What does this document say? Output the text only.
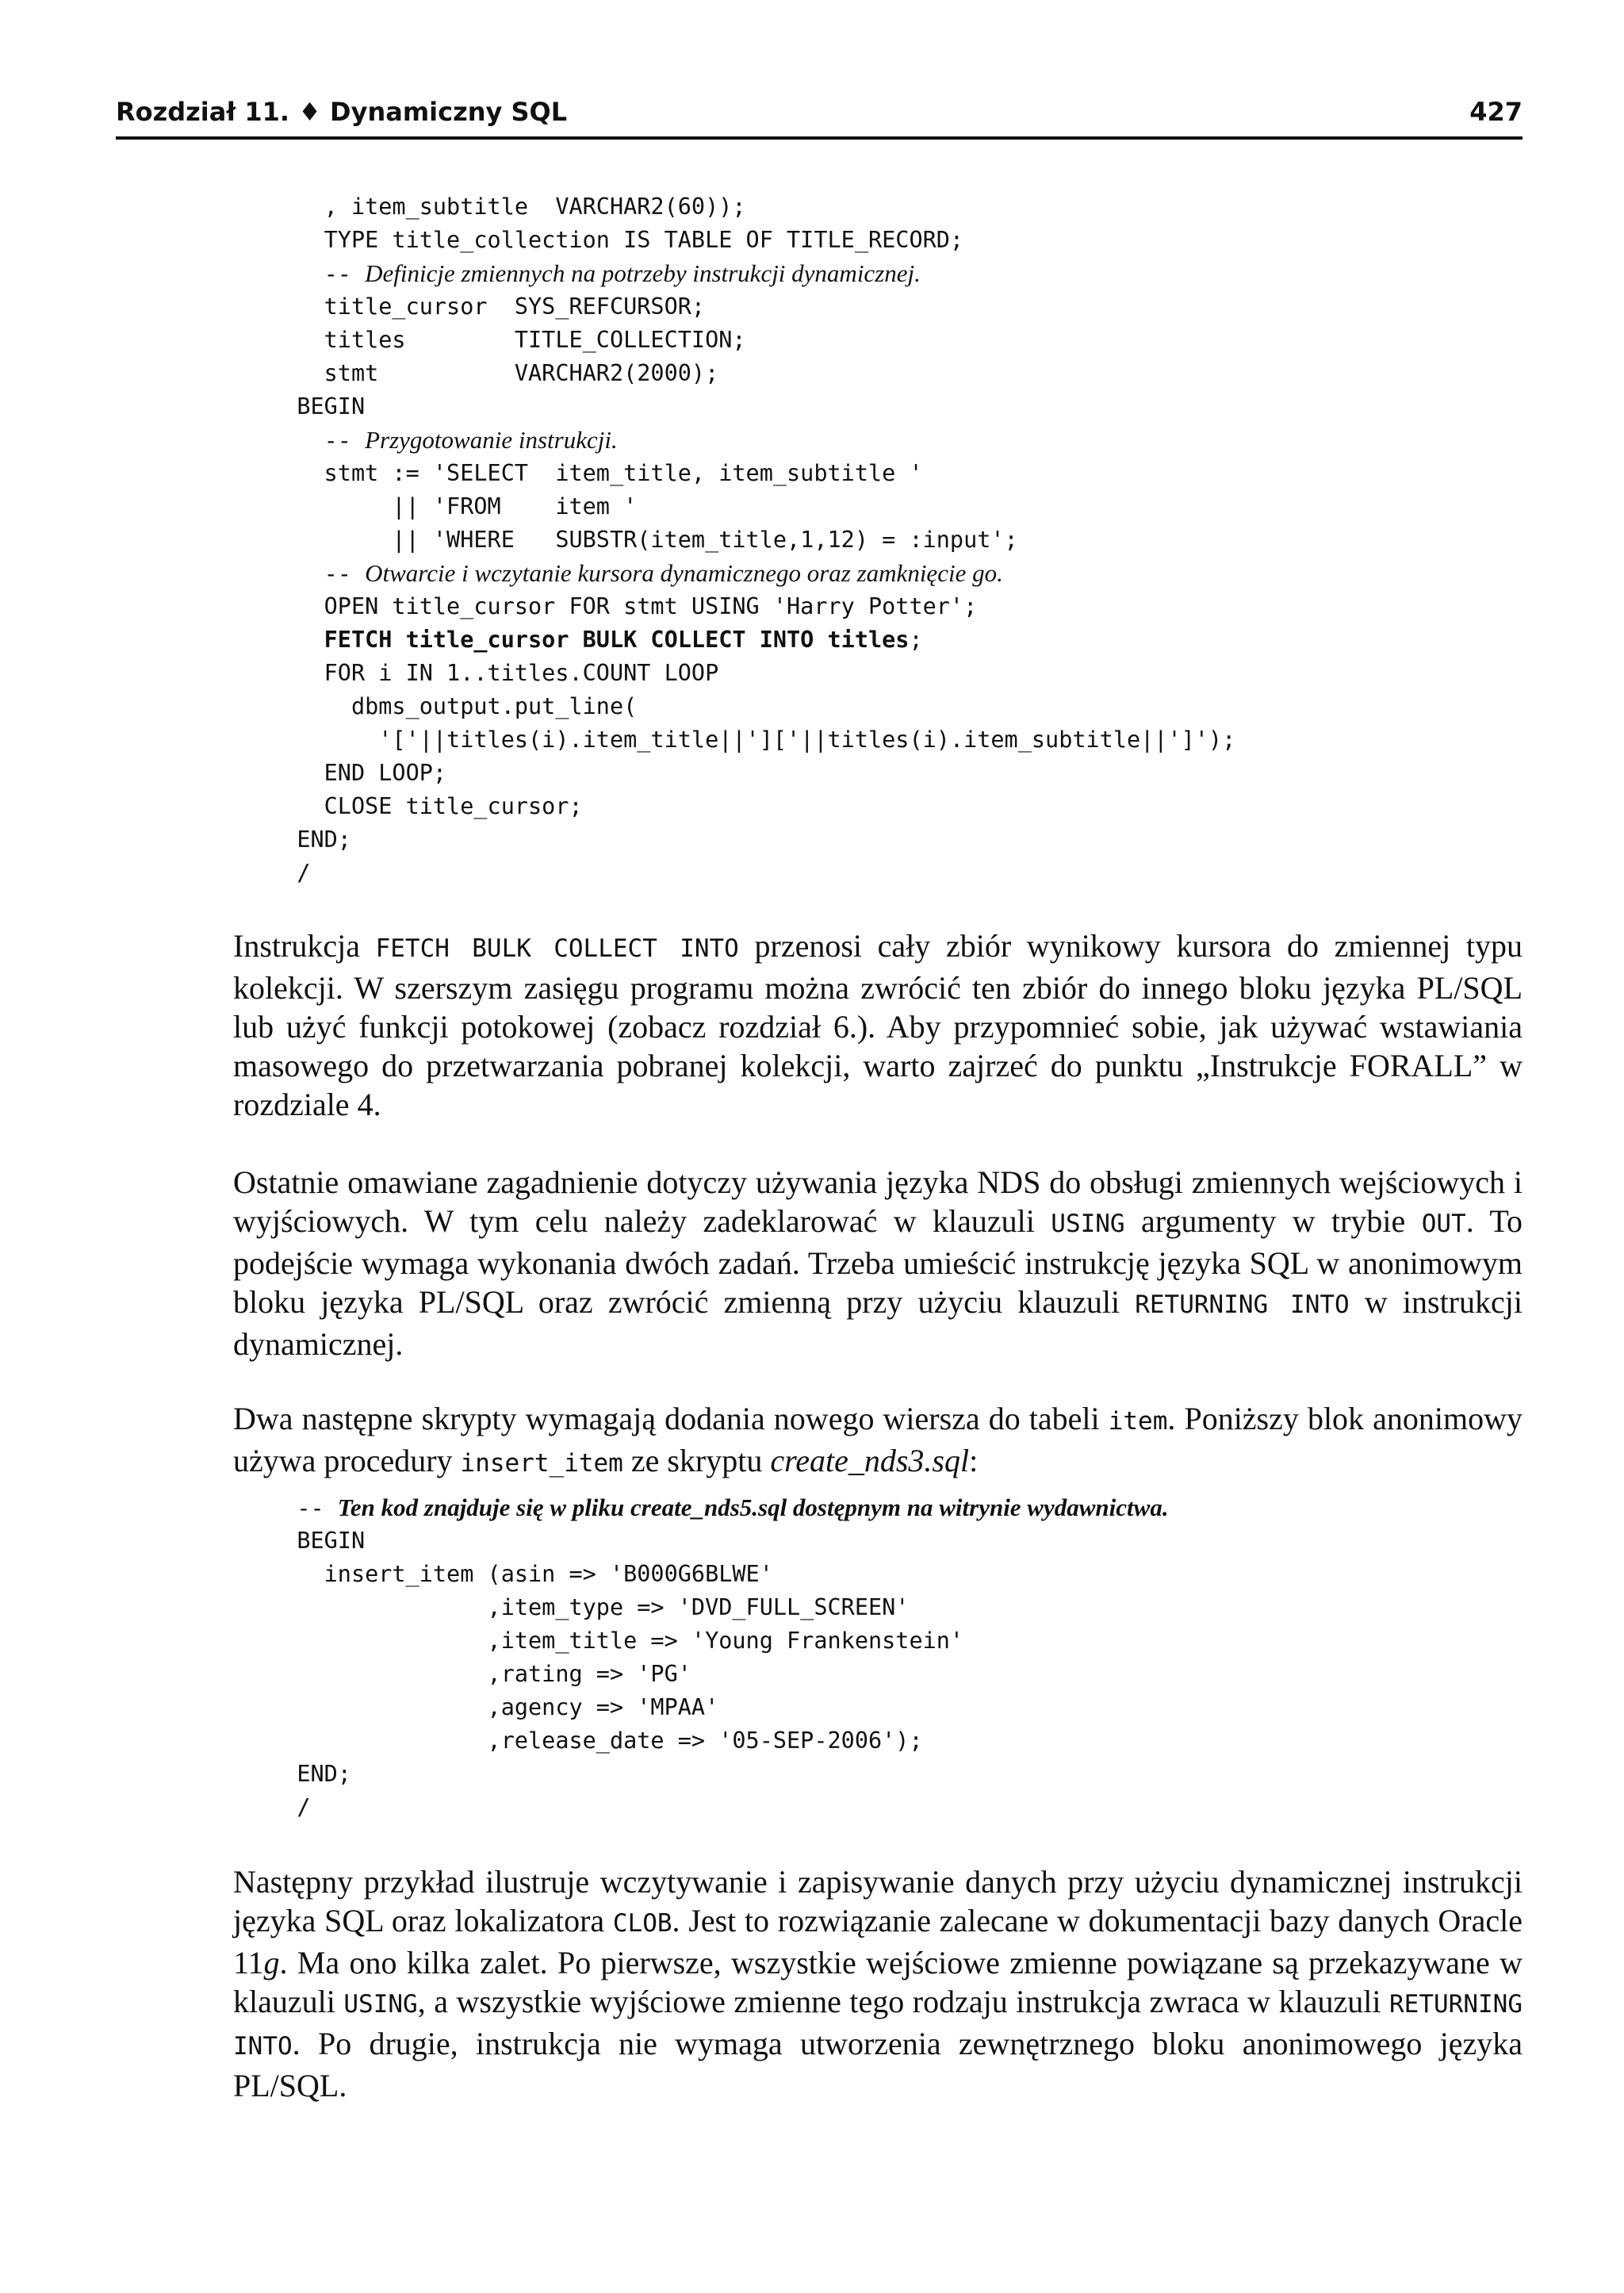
Rozdział 11. ♦ Dynamiczny SQL	427
, item_subtitle  VARCHAR2(60));
TYPE title_collection IS TABLE OF TITLE_RECORD;
-- Definicje zmiennych na potrzeby instrukcji dynamicznej.
title_cursor  SYS_REFCURSOR;
titles        TITLE_COLLECTION;
stmt          VARCHAR2(2000);
BEGIN
-- Przygotowanie instrukcji.
stmt := 'SELECT  item_title, item_subtitle '
|| 'FROM    item '
|| 'WHERE   SUBSTR(item_title,1,12) = :input';
-- Otwarcie i wczytanie kursora dynamicznego oraz zamknięcie go.
OPEN title_cursor FOR stmt USING 'Harry Potter';
FETCH title_cursor BULK COLLECT INTO titles;
FOR i IN 1..titles.COUNT LOOP
dbms_output.put_line(
'['||titles(i).item_title||']['||titles(i).item_subtitle||']');
END LOOP;
CLOSE title_cursor;
END;
/

Instrukcja FETCH BULK COLLECT INTO przenosi cały zbiór wynikowy kursora do zmiennej typu kolekcji. W szerszym zasięgu programu można zwrócić ten zbiór do innego bloku języka PL/SQL lub użyć funkcji potokowej (zobacz rozdział 6.). Aby przypomnieć sobie, jak używać wstawiania masowego do przetwarzania pobranej kolekcji, warto zajrzeć do punktu „Instrukcje FORALL” w rozdziale 4.

Ostatnie omawiane zagadnienie dotyczy używania języka NDS do obsługi zmiennych wejściowych i wyjściowych. W tym celu należy zadeklarować w klauzuli USING argumenty w trybie OUT. To podejście wymaga wykonania dwóch zadań. Trzeba umieścić instrukcję języka SQL w anonimowym bloku języka PL/SQL oraz zwrócić zmienną przy użyciu klauzuli RETURNING INTO w instrukcji dynamicznej.

Dwa następne skrypty wymagają dodania nowego wiersza do tabeli item. Poniższy blok anonimowy używa procedury insert_item ze skryptu create_nds3.sql:

-- Ten kod znajduje się w pliku create_nds5.sql dostępnym na witrynie wydawnictwa.
BEGIN
insert_item (asin => 'B000G6BLWE'
,item_type => 'DVD_FULL_SCREEN'
,item_title => 'Young Frankenstein'
,rating => 'PG'
,agency => 'MPAA'
,release_date => '05-SEP-2006');
END;
/

Następny przykład ilustruje wczytywanie i zapisywanie danych przy użyciu dynamicznej instrukcji języka SQL oraz lokalizatora CLOB. Jest to rozwiązanie zalecane w dokumentacji bazy danych Oracle 11g. Ma ono kilka zalet. Po pierwsze, wszystkie wejściowe zmienne powiązane są przekazywane w klauzuli USING, a wszystkie wyjściowe zmienne tego rodzaju instrukcja zwraca w klauzuli RETURNING INTO. Po drugie, instrukcja nie wymaga utworzenia zewnętrznego bloku anonimowego języka PL/SQL.
